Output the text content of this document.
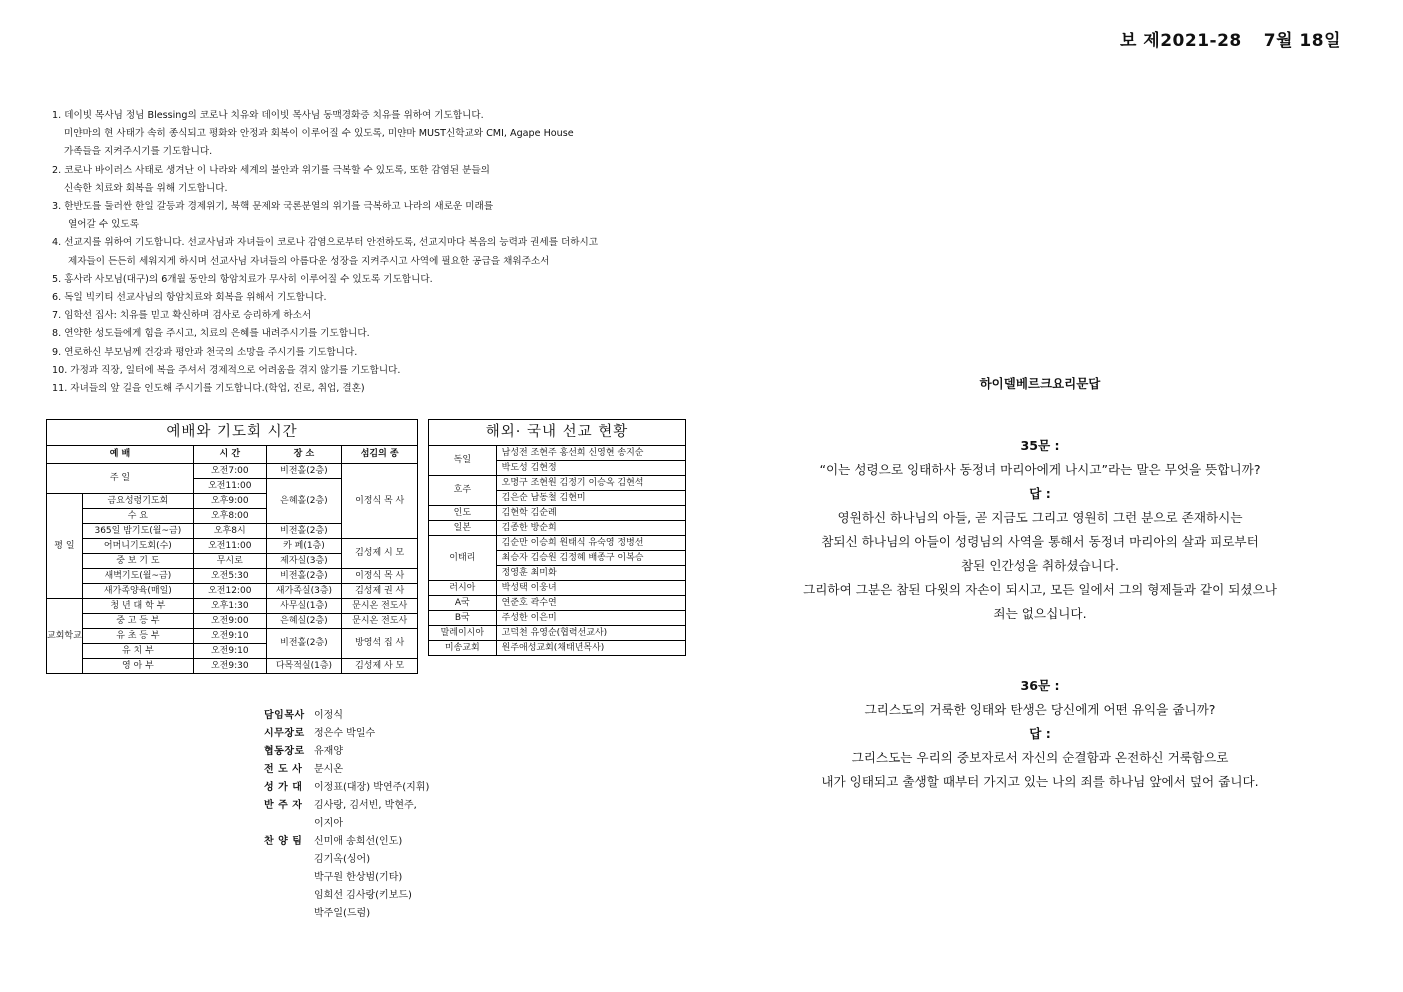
보 제2021-28 7월 18일
1. 데이빗 목사님 정님 Blessing의 코로나 치유와 데이빗 목사님 동맥경화증 치유를 위하여 기도합니다.
미얀마의 현 사태가 속히 종식되고 평화와 안정과 회복이 이루어질 수 있도록, 미얀마 MUST신학교와 CMI, Agape House
가족들을 지켜주시기를 기도합니다.
2. 코로나 바이러스 사태로 생겨난 이 나라와 세계의 불안과 위기를 극복할 수 있도록, 또한 감염된 분들의
신속한 치료와 회복을 위해 기도합니다.
3. 한반도를 둘러싼 한일 갈등과 경제위기, 북핵 문제와 국론분열의 위기를 극복하고 나라의 새로운 미래를
열어갈 수 있도록
4. 선교지를 위하여 기도합니다. 선교사님과 자녀들이 코로나 감염으로부터 안전하도록, 선교지마다 복음의 능력과 권세를 더하시고
제자들이 든든히 세워지게 하시며 선교사님 자녀들의 아름다운 성장을 지켜주시고 사역에 필요한 공급을 채워주소서
5. 홍사라 사모님(대구)의 6개월 동안의 항암치료가 무사히 이루어질 수 있도록 기도합니다.
6. 독일 빅키티 선교사님의 항암치료와 회복을 위해서 기도합니다.
7. 임학선 집사: 치유를 믿고 확신하며 검사로 승리하게 하소서
8. 연약한 성도들에게 힘을 주시고, 치료의 은혜를 내려주시기를 기도합니다.
9. 연로하신 부모님께 건강과 평안과 천국의 소망을 주시기를 기도합니다.
10. 가정과 직장, 일터에 복을 주셔서 경제적으로 어려움을 겪지 않기를 기도합니다.
11. 자녀들의 앞 길을 인도해 주시기를 기도합니다.(학업, 진로, 취업, 결혼)
예배와 기도회 시간				
예 배		시 간	장 소	섬김의 종
주 일		오전7:00	비전홀(2층)	이정식 목 사
		오전11:00	은혜홀(2층)	
평 일	금요성령기도회	오후9:00		
	수 요	오후8:00		
	365일 밤기도(월~금)	오후8시	비전홀(2층)	
	어머니기도회(수)	오전11:00	카 페(1층)	김성제 시 모
	중 보 기 도	무시로	제자실(3층)	
	새벽기도(월~금)	오전5:30	비전홀(2층)	이정식 목 사
	새가족양육(매일)	오전12:00	새가족실(3층)	김성제 권 사
교회학교	청 년 대 학 부	오후1:30	사무실(1층)	문시온 전도사
	중 고 등 부	오전9:00	은혜실(2층)	문시온 전도사
	유 초 등 부	오전9:10	비전홀(2층)	방영석 집 사
	유 치 부	오전9:10		
	영 아 부	오전9:30	다목적실(1층)	김성제 사 모
해외· 국내 선교 현황	
독일	남성전 조현주 홍선희 신영현 송지순
	박도성 김현정
호주	오명구 조현원 김정기 이승옥 김현석
	김은순 남동철 김현미
인도	김현학 김순례
일본	김종한 방순희
이태리	김순만 이승희 원태식 유숙영 정병선
	최승자 김승원 김정혜 배종구 이복승
	정영훈 최미화
러시아	박성택 이웅녀
A국	연준호 곽수연
B국	주성한 이은미
말레이시아	고덕천 유영순(협력선교사)
미송교회	원주애성교회(채태년목사)
담임목사 이정식
시무장로 정은수 박일수
협동장로 유재양
전 도 사	문시온
성 가 대	이정표(대장) 박연주(지휘)
반 주 자	김사랑, 김서빈, 박현주,
이지아
찬 양 팀	신미애 송희선(인도)
김기옥(싱어)
박구원 한상범(기타)
임희선 김사랑(키보드)
박주일(드럼)
하이델베르크요리문답
35문 :
“이는 성령으로 잉태하사 동정녀 마리아에게 나시고”라는 말은 무엇을 뜻합니까?
답 :
영원하신 하나님의 아들, 곧 지금도 그리고 영원히 그런 분으로 존재하시는
참되신 하나님의 아들이 성령님의 사역을 통해서 동정녀 마리아의 살과 피로부터
참된 인간성을 취하셨습니다.
그리하여 그분은 참된 다윗의 자손이 되시고, 모든 일에서 그의 형제들과 같이 되셨으나
죄는 없으십니다.
36문 :
그리스도의 거룩한 잉태와 탄생은 당신에게 어떤 유익을 줍니까?
답 :
그리스도는 우리의 중보자로서 자신의 순결함과 온전하신 거룩함으로
내가 잉태되고 출생할 때부터 가지고 있는 나의 죄를 하나님 앞에서 덮어 줍니다.
